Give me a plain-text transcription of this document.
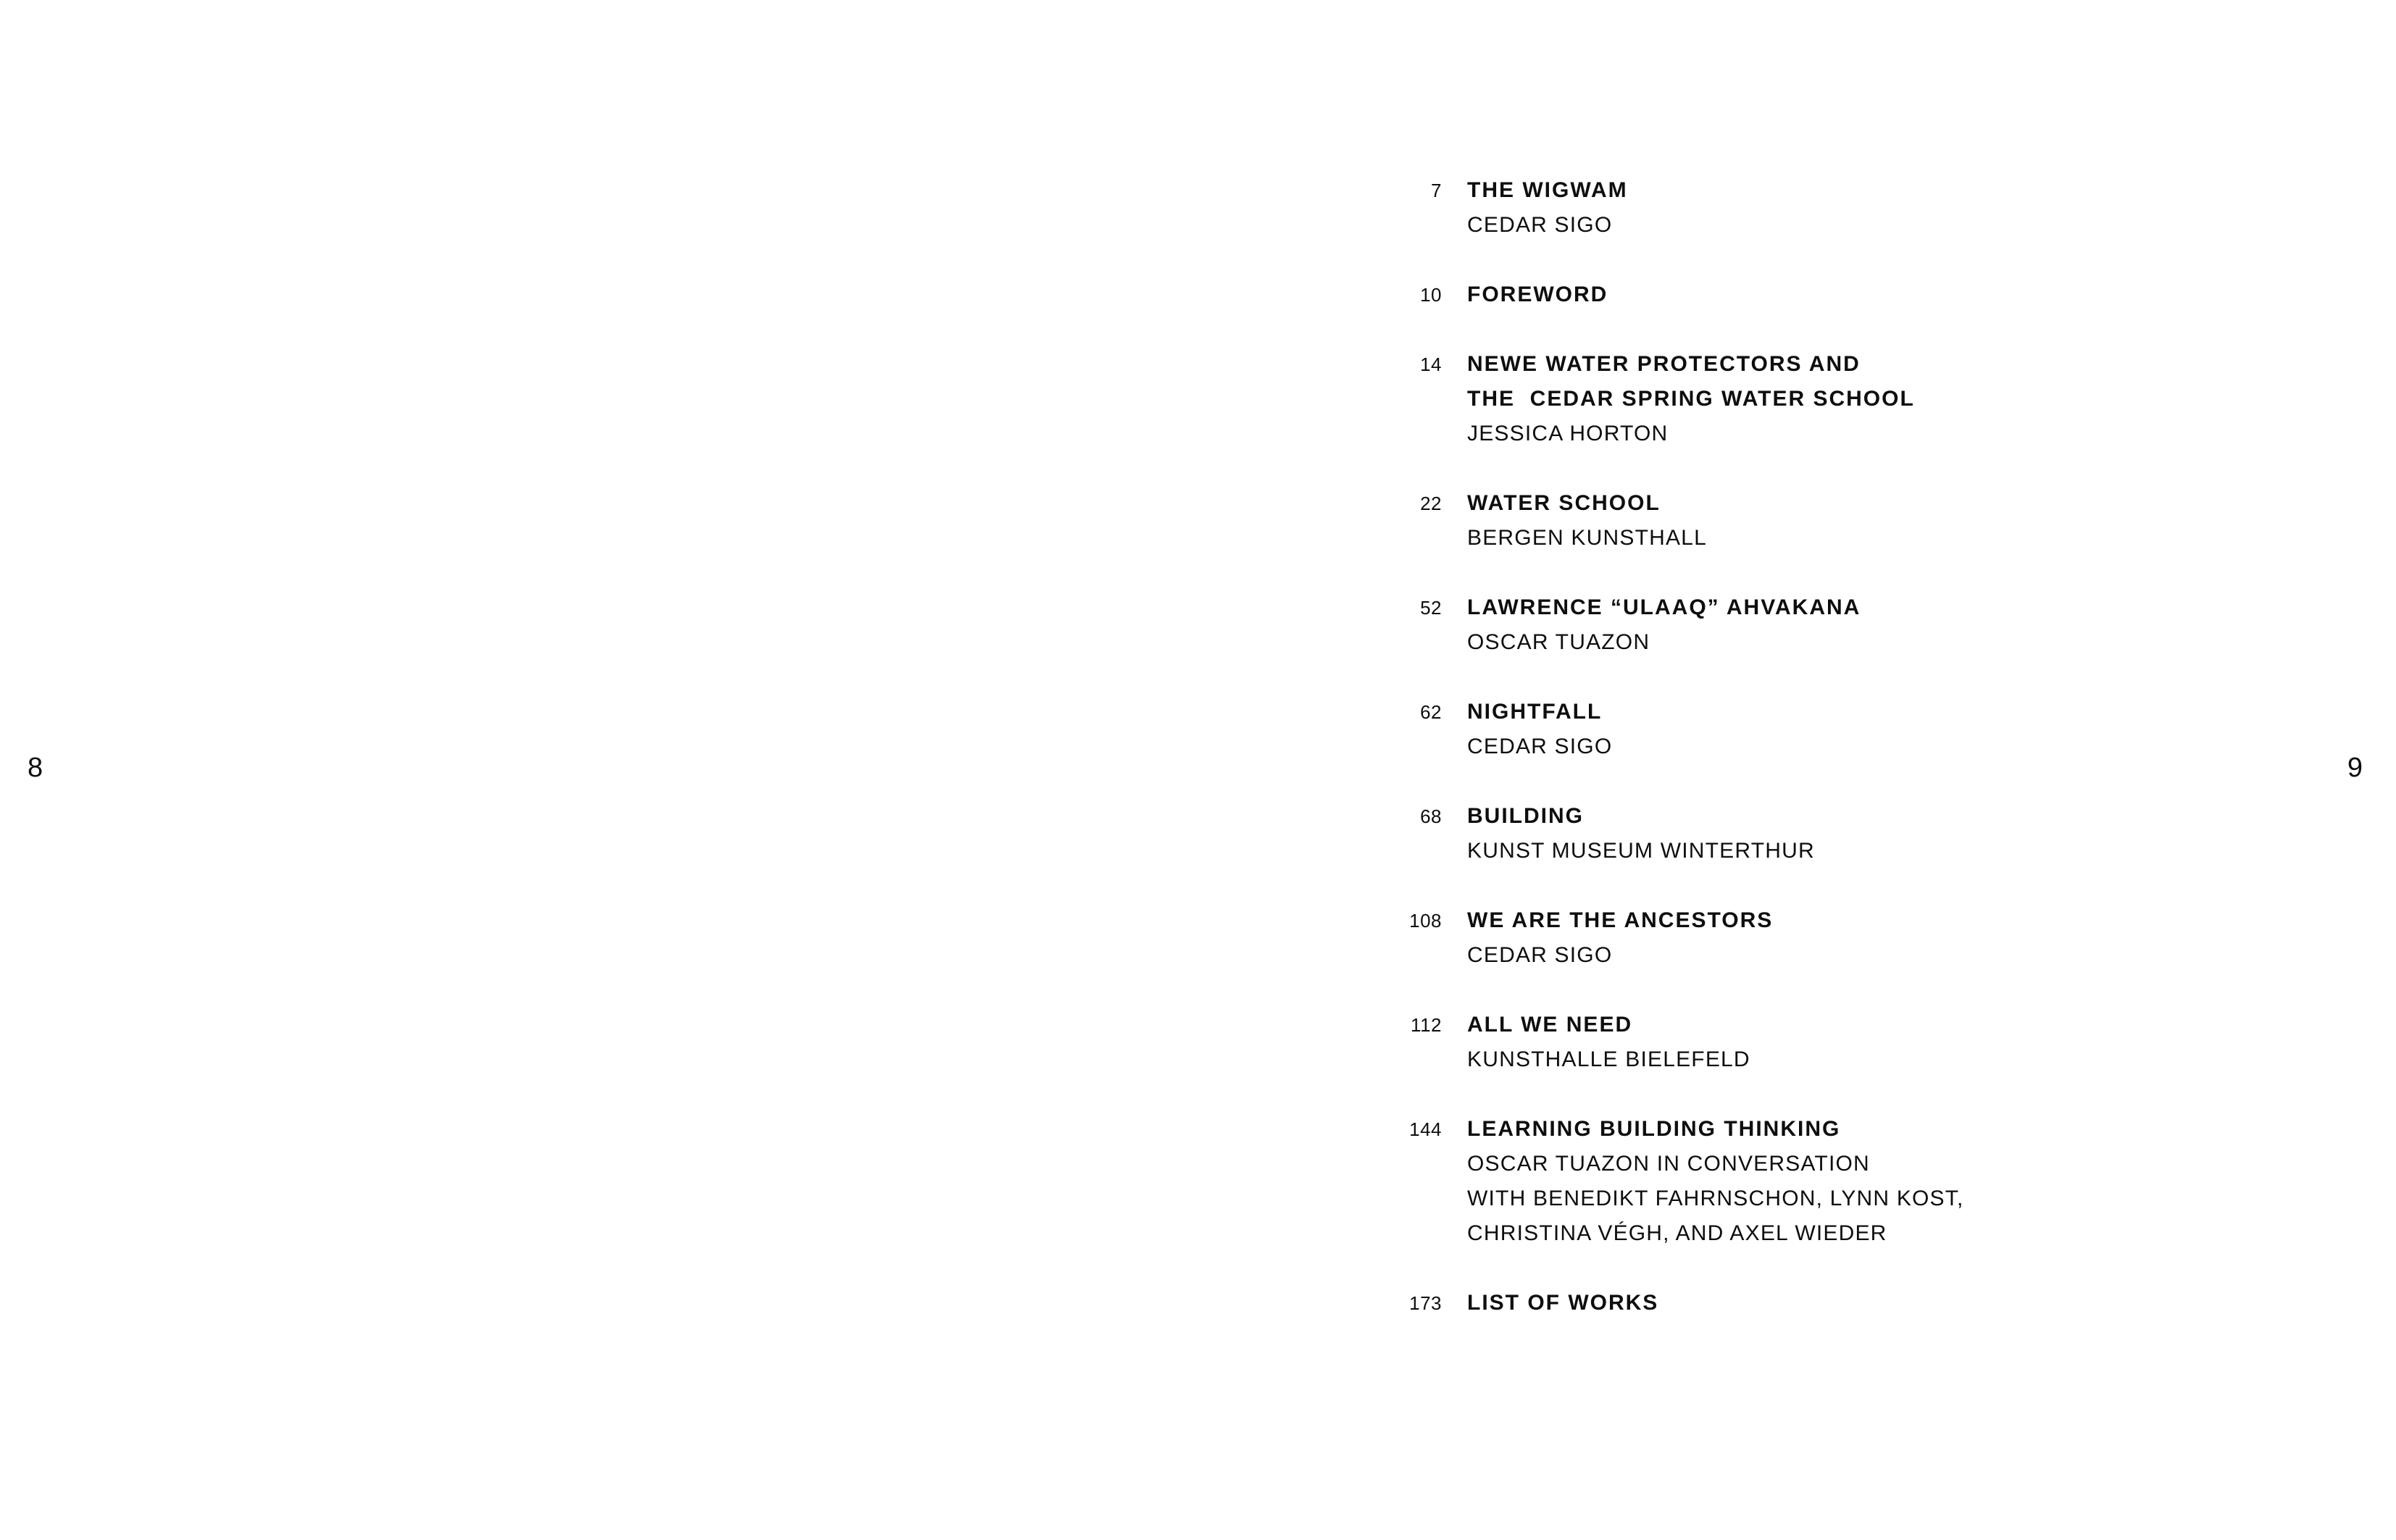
8	9
7 THE WIGWAM
CEDAR SIGO
10 FOREWORD
14 NEWE WATER PROTECTORS AND
THE  CEDAR SPRING WATER SCHOOL
JESSICA HORTON
22 WATER SCHOOL
BERGEN KUNSTHALL
52 LAWRENCE “ULAAQ” AHVAKANA
OSCAR TUAZON
62 NIGHTFALL
CEDAR SIGO
68 BUILDING
KUNST MUSEUM WINTERTHUR
108 WE ARE THE ANCESTORS
CEDAR SIGO
112 ALL WE NEED
KUNSTHALLE BIELEFELD
144 LEARNING BUILDING THINKING
OSCAR TUAZON IN CONVERSATION
WITH BENEDIKT FAHRNSCHON, LYNN KOST,
CHRISTINA VÉGH, AND AXEL WIEDER
173 LIST OF WORKS
